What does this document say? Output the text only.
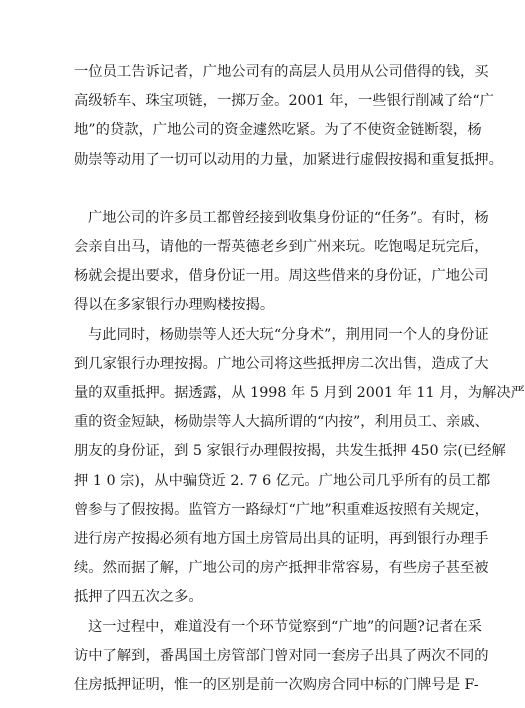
一位员工告诉记者，广地公司有的高层人员用从公司借得的钱，买
高级轿车、珠宝项链，一掷万金。2001 年，一些银行削减了给“广
地”的贷款，广地公司的资金遽然吃紧。为了不使资金链断裂，杨
勋崇等动用了一切可以动用的力量，加紧进行虚假按揭和重复抵押。
广地公司的许多员工都曾经接到收集身份证的“任务”。有时，杨
会亲自出马，请他的一帮英德老乡到广州来玩。吃饱喝足玩完后，
杨就会提出要求，借身份证一用。周这些借来的身份证，广地公司
得以在多家银行办理购楼按揭。
与此同时，杨勋崇等人还大玩“分身术”，荆用同一个人的身份证
到几家银行办理按揭。广地公司将这些抵押房二次出售，造成了大
量的双重抵押。据透露，从 1998 年 5 月到 2001 年 11 月，为解决严
重的资金短缺，杨勋崇等人大搞所谓的“内按”，利用员工、亲戚、
朋友的身份证，到 5 家银行办理假按揭，共发生抵押 450 宗(已经解
押 1 0 宗)，从中骗贷近 2. 7 6 亿元。广地公司几乎所有的员工都
曾参与了假按揭。监管方一路绿灯“广地”积重难返按照有关规定，
进行房产按揭必须有地方国土房管局出具的证明，再到银行办理手
续。然而据了解，广地公司的房产抵押非常容易，有些房子甚至被
抵押了四五次之多。
这一过程中，难道没有一个环节觉察到“广地”的问题?记者在采
访中了解到，番禺国土房管部门曾对同一套房子出具了两次不同的
住房抵押证明，惟一的区别是前一次购房合同中标的门牌号是 F-
